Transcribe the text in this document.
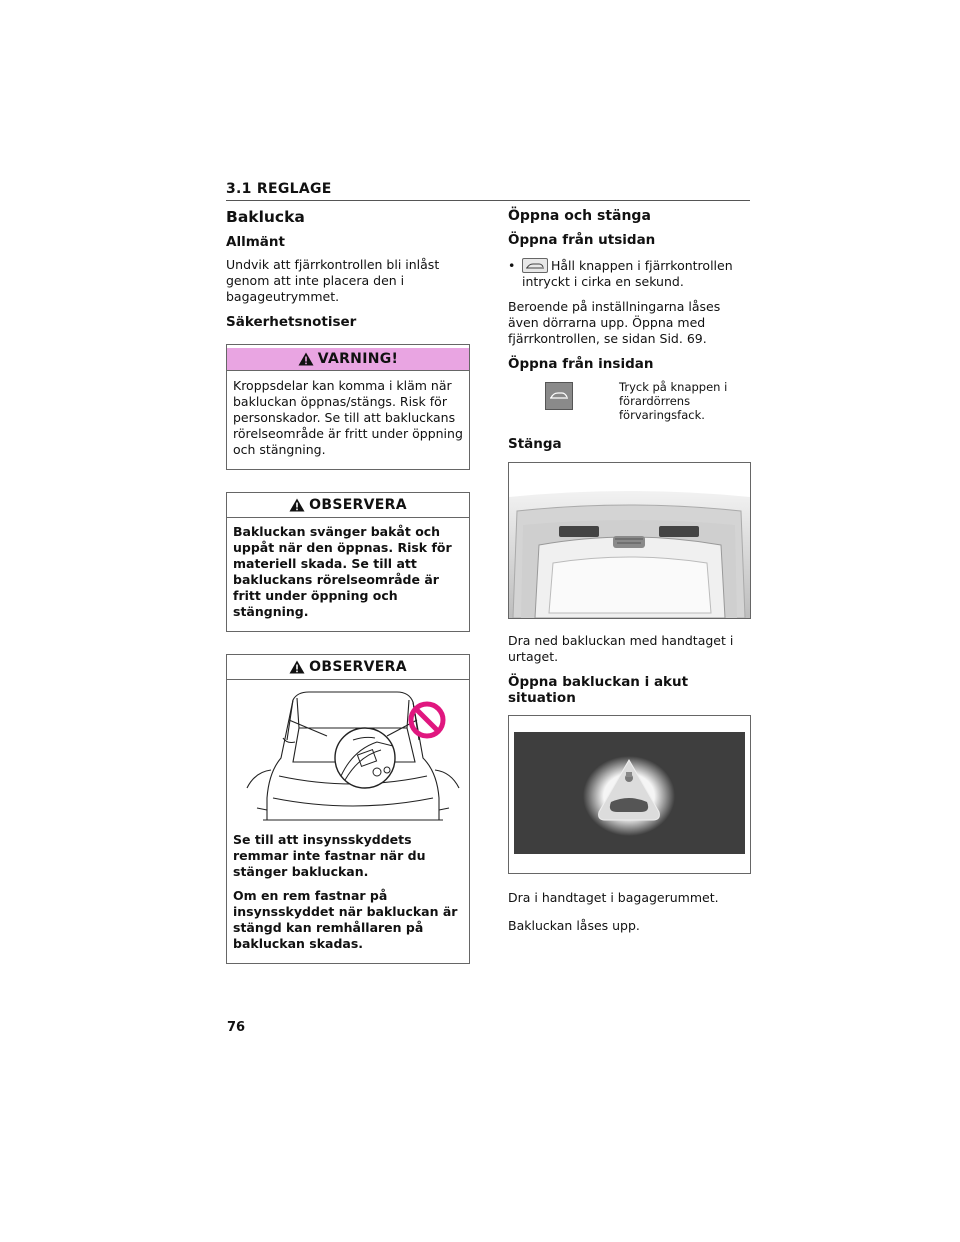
3.1 REGLAGE
Baklucka
Allmänt

Undvik att fjärrkontrollen bli inlåst genom att inte placera den i bagageutrymmet.

Säkerhetsnotiser
VARNING!

Kroppsdelar kan komma i kläm när bakluckan öppnas/stängs. Risk för personskador. Se till att bakluckans rörelseområde är fritt under öppning och stängning.

OBSERVERA

Bakluckan svänger bakåt och uppåt när den öppnas. Risk för materiell skada. Se till att bakluckans rörelseområde är fritt under öppning och stängning.

OBSERVERA

Se till att insynsskyddets remmar inte fastnar när du stänger bakluckan.

Om en rem fastnar på insynsskyddet när bakluckan är stängd kan remhållaren på bakluckan skadas.

Öppna och stänga
Öppna från utsidan
•	Håll knappen i fjärrkontrollen intryckt i cirka en sekund.

Beroende på inställningarna låses även dörrarna upp. Öppna med fjärrkontrollen, se sidan Sid. 69.

Öppna från insidan
Tryck på knappen i förardörrens förvaringsfack.
Stänga

Dra ned bakluckan med handtaget i urtaget.

Öppna bakluckan i akut situation

Dra i handtaget i bagagerummet.

Bakluckan låses upp.

76
